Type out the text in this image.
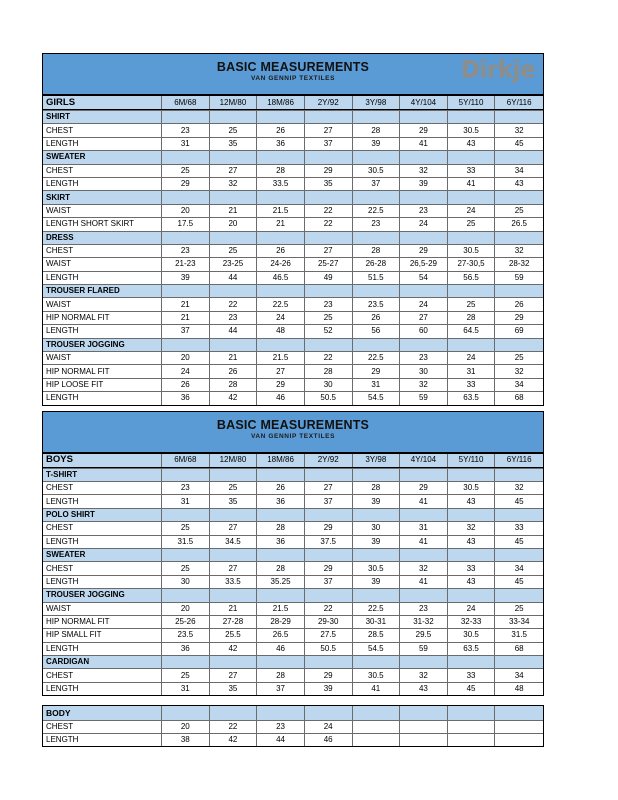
BASIC MEASUREMENTS
VAN GENNIP TEXTILES	Dirkje
GIRLS	6M/68	12M/80	18M/86	2Y/92	3Y/98	4Y/104	5Y/110	6Y/116
SHIRT
CHEST	23	25	26	27	28	29	30.5	32
LENGTH	31	35	36	37	39	41	43	45
SWEATER
CHEST	25	27	28	29	30.5	32	33	34
LENGTH	29	32	33.5	35	37	39	41	43
SKIRT
WAIST	20	21	21.5	22	22.5	23	24	25
LENGTH SHORT SKIRT	17.5	20	21	22	23	24	25	26.5
DRESS
CHEST	23	25	26	27	28	29	30.5	32
WAIST	21-23	23-25	24-26	25-27	26-28	26,5-29	27-30,5	28-32
LENGTH	39	44	46.5	49	51.5	54	56.5	59
TROUSER FLARED
WAIST	21	22	22.5	23	23.5	24	25	26
HIP NORMAL FIT	21	23	24	25	26	27	28	29
LENGTH	37	44	48	52	56	60	64.5	69
TROUSER JOGGING
WAIST	20	21	21.5	22	22.5	23	24	25
HIP NORMAL FIT	24	26	27	28	29	30	31	32
HIP LOOSE FIT	26	28	29	30	31	32	33	34
LENGTH	36	42	46	50.5	54.5	59	63.5	68
BASIC MEASUREMENTS
VAN GENNIP TEXTILES
BOYS	6M/68	12M/80	18M/86	2Y/92	3Y/98	4Y/104	5Y/110	6Y/116
T-SHIRT
CHEST	23	25	26	27	28	29	30.5	32
LENGTH	31	35	36	37	39	41	43	45
POLO SHIRT
CHEST	25	27	28	29	30	31	32	33
LENGTH	31.5	34.5	36	37.5	39	41	43	45
SWEATER
CHEST	25	27	28	29	30.5	32	33	34
LENGTH	30	33.5	35.25	37	39	41	43	45
TROUSER JOGGING
WAIST	20	21	21.5	22	22.5	23	24	25
HIP NORMAL FIT	25-26	27-28	28-29	29-30	30-31	31-32	32-33	33-34
HIP SMALL FIT	23.5	25.5	26.5	27.5	28.5	29.5	30.5	31.5
LENGTH	36	42	46	50.5	54.5	59	63.5	68
CARDIGAN
CHEST	25	27	28	29	30.5	32	33	34
LENGTH	31	35	37	39	41	43	45	48
BODY
CHEST	20	22	23	24
LENGTH	38	42	44	46
